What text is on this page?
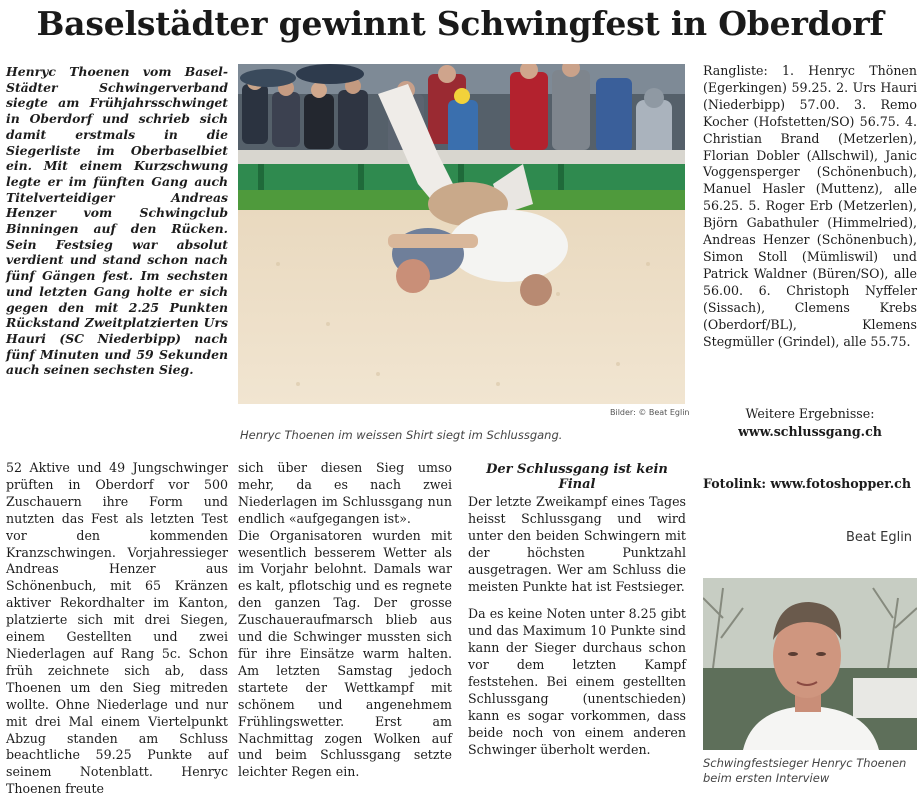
Baselstädter gewinnt Schwingfest in Oberdorf
Henryc Thoenen vom Basel-Städter Schwingerverband siegte am Frühjahrsschwinget in Oberdorf und schrieb sich damit erstmals in die Siegerliste im Oberbaselbiet ein. Mit einem Kurzschwung legte er im fünften Gang auch Titelverteidiger Andreas Henzer vom Schwingclub Binningen auf den Rücken. Sein Festsieg war absolut verdient und stand schon nach fünf Gängen fest. Im sechsten und letzten Gang holte er sich gegen den mit 2.25 Punkten Rückstand Zweitplatzierten Urs Hauri (SC Niederbipp) nach fünf Minuten und 59 Sekunden auch seinen sechsten Sieg.
Bilder: © Beat Eglin
Henryc Thoenen im weissen Shirt siegt im Schlussgang.

52 Aktive und 49 Jungschwinger prüften in Oberdorf vor 500 Zuschauern ihre Form und nutzten das Fest als letzten Test vor den kommenden Kranzschwingen. Vorjahressieger Andreas Henzer aus Schönenbuch, mit 65 Kränzen aktiver Rekordhalter im Kanton, platzierte sich mit drei Siegen, einem Gestellten und zwei Niederlagen auf Rang 5c. Schon früh zeichnete sich ab, dass Thoenen um den Sieg mitreden wollte. Ohne Niederlage und nur mit drei Mal einem Viertelpunkt Abzug standen am Schluss beachtliche 59.25 Punkte auf seinem Notenblatt. Henryc Thoenen freute

sich über diesen Sieg umso mehr, da es nach zwei Niederlagen im Schlussgang nun endlich «aufgegangen ist».

Die Organisatoren wurden mit wesentlich besserem Wetter als im Vorjahr belohnt. Damals war es kalt, pflotschig und es regnete den ganzen Tag. Der grosse Zuschaueraufmarsch blieb aus und die Schwinger mussten sich für ihre Einsätze warm halten. Am letzten Samstag jedoch startete der Wettkampf mit schönem und angenehmem Frühlingswetter. Erst am Nachmittag zogen Wolken auf und beim Schlussgang setzte leichter Regen ein.

Der Schlussgang ist kein Final

Der letzte Zweikampf eines Tages heisst Schlussgang und wird unter den beiden Schwingern mit der höchsten Punktzahl ausgetragen. Wer am Schluss die meisten Punkte hat ist Festsieger.

Da es keine Noten unter 8.25 gibt und das Maximum 10 Punkte sind kann der Sieger durchaus schon vor dem letzten Kampf feststehen. Bei einem gestellten Schlussgang (unentschieden) kann es sogar vorkommen, dass beide noch von einem anderen Schwinger überholt werden.

Rangliste: 1. Henryc Thönen (Egerkingen) 59.25. 2. Urs Hauri (Niederbipp) 57.00. 3. Remo Kocher (Hofstetten/SO) 56.75. 4. Christian Brand (Metzerlen), Florian Dobler (Allschwil), Janic Voggensperger (Schönenbuch), Manuel Hasler (Muttenz), alle 56.25. 5. Roger Erb (Metzerlen), Björn Gabathuler (Himmelried), Andreas Henzer (Schönenbuch), Simon Stoll (Mümliswil) und Patrick Waldner (Büren/SO), alle 56.00. 6. Christoph Nyffeler (Sissach), Clemens Krebs (Oberdorf/BL), Klemens Stegmüller (Grindel), alle 55.75.
Weitere Ergebnisse:
www.schlussgang.ch
Fotolink: www.fotoshopper.ch
Beat Eglin
Schwingfestsieger Henryc Thoenen
beim ersten Interview
